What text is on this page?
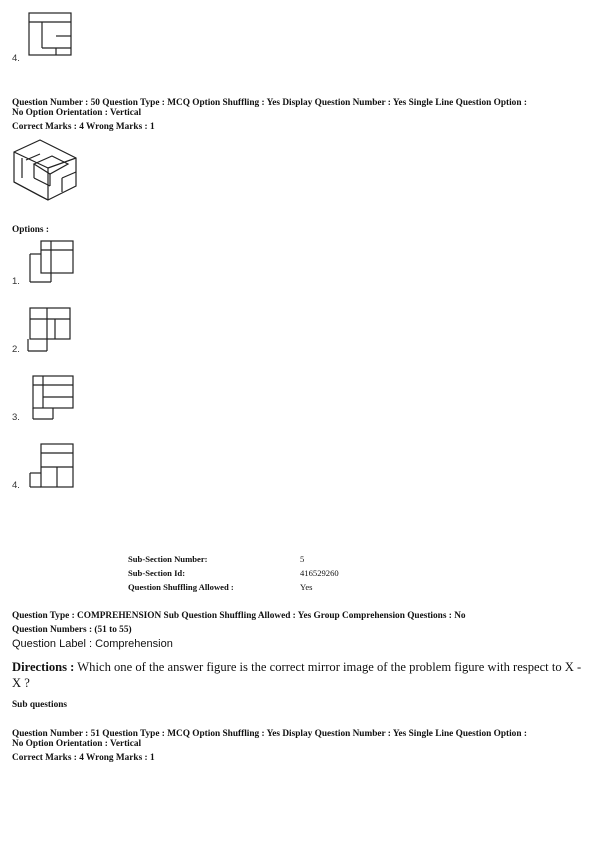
4.
Question Number : 50 Question Type : MCQ Option Shuffling : Yes Display Question Number : Yes Single Line Question Option :
No Option Orientation : Vertical
Correct Marks : 4 Wrong Marks : 1
Options :
1.
2.
3.
4.
Sub-Section Number:	5
Sub-Section Id:	416529260
Question Shuffling Allowed :	Yes
Question Type : COMPREHENSION Sub Question Shuffling Allowed : Yes Group Comprehension Questions : No
Question Numbers : (51 to 55)
Question Label : Comprehension
Directions : Which one of the answer figure is the correct mirror image of the problem figure with respect to X - X ?
Sub questions
Question Number : 51 Question Type : MCQ Option Shuffling : Yes Display Question Number : Yes Single Line Question Option :
No Option Orientation : Vertical
Correct Marks : 4 Wrong Marks : 1
